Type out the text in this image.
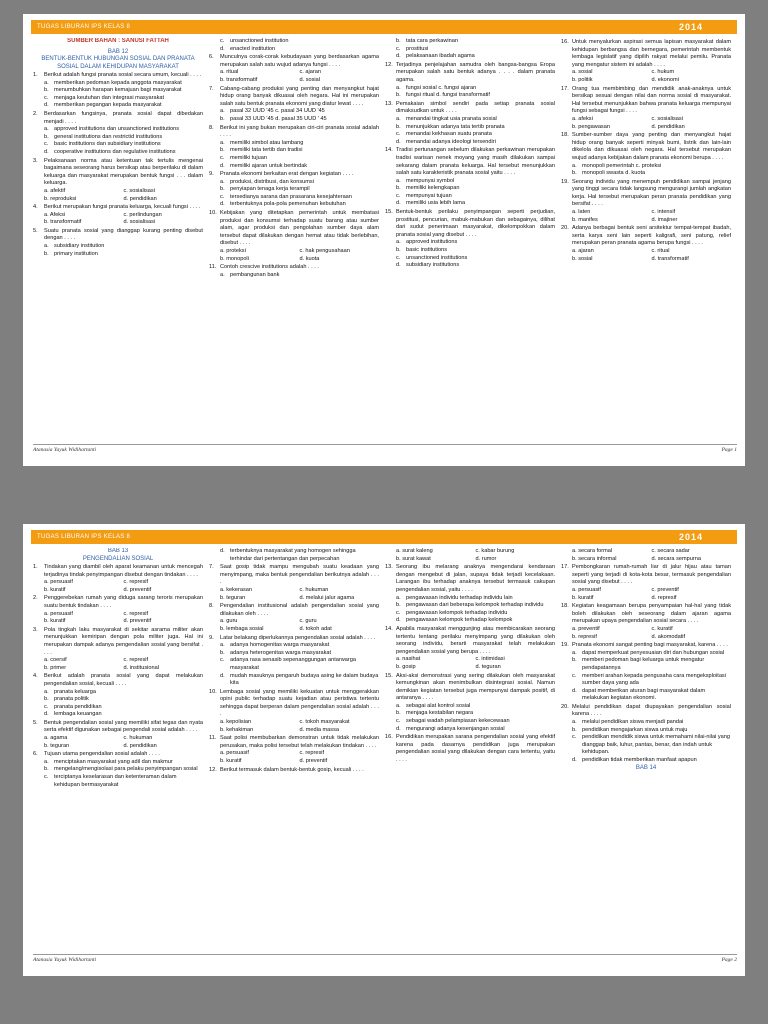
TUGAS LIBURAN IPS KELAS 8	2014
SUMBER BAHAN : SANUSI FATTAH
BAB 12
BENTUK-BENTUK HUBUNGAN SOSIAL DAN PRANATA SOSIAL DALAM KEHIDUPAN MASYARAKAT
1.	Berikut adalah fungsi pranata sosial secara umum, kecuali . . . .
a. memberikan pedoman kepada anggota masyarakat
b. menumbuhkan harapan kemajuan bagi masyarakat
c.	menjaga keutuhan dan integrasi masyarakat
d. memberikan pegangan kepada masyarakat
2.	Berdasarkan fungsinya, pranata sosial dapat dibedakan menjadi . . . .
a. approved institutions dan unsanctioned institutions
b. general institutions dan restrictid institutions
c.	basic institutions dan subsidiary institutions
d. cooperative institutions dan regulative institutions
3.	Pelaksanaan norma atau ketentuan tak tertulis mengenai bagaimana seseorang harus bersikap atau berperilaku di dalam keluarga dan masyarakat merupakan bentuk fungsi . . . dalam keluarga.
a. afektif	c. sosialisasi
b. reproduksi	d. pendidikan
4.	Berikut merupakan fungsi pranata keluarga, kecuali fungsi . . . .
a. Afeksi	c. perlindungan
b. transformatif	d. sosialisasi
5.	Suatu pranata sosial yang dianggap kurang penting disebut dengan . . . .
a. subsidiary institution
b. primary institution
c.	unsanctioned institution
d. enacted institution
6.	Munculnya corak-corak kebudayaan yang berdasarkan agama merupakan salah satu wujud adanya fungsi . . . .
a. ritual	c. ajaran
b. transformatif	d. sosial
7.	Cabang-cabang produksi yang penting dan menyangkut hajat hidup orang banyak dikuasai oleh negara. Hal ini merupakan salah satu bentuk pranata ekonomi yang diatur lewat . . . .
a. pasal 32 UUD '45 c. pasal 34 UUD '45
b. pasal 33 UUD '45 d. pasal 35 UUD ' 45
8.	Berikut ini yang bukan merupakan ciri-ciri pranata sosial adalah . . . .
a. memiliki simbol atau lambang
b. memiliki tata tertib dan tradisi
c.	memiliki tujuan
d. memiliki ajaran untuk bertindak
9.	Pranata ekonomi berkaitan erat dengan kegiatan . . . .
a. produksi, distribusi, dan konsumsi
b. penyiapan tenaga kerja terampil
c.	tersedianya sarana dan prasarana kesejahteraan
d. terbentuknya pola-pola pemenuhan kebutuhan
10. Kebijakan yang ditetapkan pemerintah untuk membatasi produksi dan konsumsi terhadap suatu barang atau sumber alam, agar produksi dan pengolahan sumber daya alam tersebut dapat dilakukan dengan hemat atau tidak berlebihan, disebut . . . .
a. proteksi	c. hak pengusahaan
b. monopoli	d. kuota
11. Contoh crescive institutions adalah . . . .
a. pembangunan bank
b. tata cara perkawinan
c.	prostitusi
d. pelaksanaan ibadah agama
12. Terjadinya penjelajahan samudra oleh bangsa-bangsa Eropa merupakan salah satu bentuk adanya . . . . dalam pranata agama.
a. fungsi sosial c. fungsi ajaran
b. fungsi ritual d. fungsi transformatif
13. Pemakaian simbol sendiri pada setiap pranata sosial dimaksudkan untuk . . . .
a. menandai tingkat usia pranata sosial
b. menunjukkan adanya tata tertib pranata
c.	menandai kekhasan suatu pranata
d. menandai adanya ideologi tersendiri
14. Tradisi pertunangan sebelum dilakukan perkawinan merupakan tradisi warisan nenek moyang yang masih dilakukan sampai sekarang dalam pranata keluarga. Hal tersebut menunjukkan salah satu karakteristik pranata sosial yaitu . . . .
a. mempunyai symbol
b. memiliki kelengkapan
c.	mempunyai tujuan
d. memiliki usia lebih lama
15. Bentuk-bentuk perilaku penyimpangan seperti perjudian, prostitusi, pencurian, mabuk-mabukan dan sebagainya, dilihat dari sudut penerimaan masyarakat, dikelompokkan dalam pranata sosial yang disebut . . . .
a. approved institutions
b. basic institutions
c.	unsanctioned institutions
d. subsidiary institutions
16. Untuk menyalurkan aspirasi semua lapisan masyarakat dalam kehidupan berbangsa dan bernegara, pemerintah membentuk lembaga legislatif yang dipilih rakyat melalui pemilu. Pranata yang mengatur sistem ini adalah . . . .
a. sosial	c. hukum
b. politik	d. ekonomi
17. Orang tua membimbing dan mendidik anak-anaknya untuk bersikap sesuai dengan nilai dan norma sosial di masyarakat. Hal tersebut menunjukkan bahwa pranata keluarga mempunyai fungsi sebagai fungsi . . . .
a. afeksi	c. sosialisasi
b. pengawasan	d. pendidikan
18. Sumber-sumber daya yang penting dan menyangkut hajat hidup orang banyak seperti minyak bumi, listrik dan lain-lain dikelola dan dikuasai oleh negara. Hal tersebut merupakan wujud adanya kebijakan dalam pranata ekonomi berupa . . . .
a. monopoli pemerintah c. proteksi
b. monopoli swasta d. kuota
19. Seorang individu yang menempuh pendidikan sampai jenjang yang tinggi secara tidak langsung mengurangi jumlah angkatan kerja. Hal tersebut merupakan peran pranata pendidikan yang bersifat . . . .
a. laten	c. intensif
b. manifes	d. imajiner
20. Adanya berbagai bentuk seni arsitektur tempat-tempat ibadah, serta karya seni lain seperti kaligrafi, seni patung, relief merupakan peran pranata agama berupa fungsi . . . .
a. ajaran	c. ritual
b. sosial	d. transformatif
Atanasia Yayuk Widihartanti	Page 1
TUGAS LIBURAN IPS KELAS 8	2014
BAB 13
PENGENDALIAN SOSIAL
1.	Tindakan yang diambil oleh aparat keamanan untuk mencegah terjadinya tindak penyimpangan disebut dengan tindakan . . . .
a. persuasif	c. represif
b. kuratif	d. preventif
2.	Penggerebekan rumah yang diduga sarang teroris merupakan suatu bentuk tindakan . . . .
a. persuasif	c. represif
b. kuratif	d. preventif
3.	Pola tingkah laku masyarakat di sekitar asrama militer akan menunjukkan kemiripan dengan pola militer juga. Hal ini merupakan dampak adanya pengendalian sosial yang bersifat . . . .
a. coersif	c. represif
b. primer	d. institusional
4.	Berikut adalah pranata sosial yang dapat melakukan pengendalian sosial, kecuali . . . .
a. pranata keluarga
b. pranata politik
c.	pranata pendidikan
d. lembaga keuangan
5.	Bentuk pengendalian sosial yang memiliki sifat tegas dan nyata serta efektif digunakan sebagai pengendali sosial adalah . . . .
a. agama	c. hukuman
b. teguran	d. pendidikan
6.	Tujuan utama pengendalian sosial adalah . . . .
a. menciptakan masyarakat yang adil dan makmur
b. mengelang/mengisolasi para pelaku penyimpangan sosial
c.	terciptanya keselarasan dan ketenteraman dalam kehidupan bermasyarakat
d. terbentuknya masyarakat yang homogen sehingga terhindar dari pertentangan dan perpecahan
7.	Saat gosip tidak mampu mengubah suatu keadaan yang menyimpang, maka bentuk pengendalian berikutnya adalah . . . .
a. kekerasan	c. hukuman
b. teguran	d. melalui jalur agama
8.	Pengendalian institusional adalah pengendalian sosial yang dilakukan oleh . . . .
a. guru	c. guru
b. lembaga sosial	d. tokoh adat
9.	Latar belakang diperlukannya pengendalian sosial adalah . . . .
a. adanya homogenitas warga masyarakat
b. adanya heterogenitas warga masyarakat
c.	adanya rasa senasib sepenanggungan antarwarga masyarakat
d. mudah masuknya pengaruh budaya asing ke dalam budaya kita
10. Lembaga sosial yang memiliki kekuatan untuk menggerakkan opini public terhadap suatu kejadian atau peristiwa tertentu sehingga dapat berperan dalam pengendalian sosial adalah . . . .
a. kepolisian	c. tokoh masyarakat
b. kehakiman	d. media massa
11. Saat polisi membubarkan demonstran untuk tidak melakukan perusakan, maka polisi tersebut telah melakukan tindakan . . . .
a. persuasif	c. represif
b. kuratif	d. preventif
12. Berikut termasuk dalam bentuk-bentuk gosip, kecuali . . . .
a. surat kaleng	c. kabar burung
b. surat kawat	d. rumor
13. Seorang ibu melarang anaknya mengendarai kendaraan dengan mengebut di jalan, supaya tidak terjadi kecelakaan. Larangan ibu terhadap anaknya tersebut termasuk cakupan pengendalian sosial, yaitu . . . .
a. pengawasan individu terhadap individu lain
b. pengawasan dari beberapa kelompok terhadap individu
c.	pengawasan kelompok terhadap individu
d. pengawasan kelompok terhadap kelompok
14. Apabila masyarakat menggunjing atau membicarakan seorang tertentu tentang perilaku menyimpang yang dilakukan oleh seorang individu, berarti masyarakat telah melakukan pengendalian sosial yang berupa . . . .
a. nasihat	c. intimidasi
b. gosip	d. teguran
15. Aksi-aksi demonstrasi yang sering dilakukan oleh masyarakat kemungkinan akan menimbulkan disintegrasi sosial. Namun demikian kegiatan tersebut juga mempunyai dampak positif, di antaranya . . . .
a. sebagai alat kontrol sosial
b. menjaga kestabilan negara
c.	sebagai wadah pelampiasan kekecewaan
d. mengurangi adanya kesenjangan sosial
16. Pendidikan merupakan sarana pengendalian sosial yang efektif karena pada dasarnya pendidikan juga merupakan pengendalian sosial yang dilakukan dengan cara tertentu, yaitu . . . .
a. secara formal	c. secara sadar
b. secara informal	d. secara sempurna
17. Pembongkaran rumah-rumah liar di jalur hijau atau taman seperti yang terjadi di kota-kota besar, termasuk pengendalian sosial yang disebut . . . .
a. persuasif	c. preventif
b. kuratif	d. represif
18. Kegiatan keagamaan berupa penyampaian hal-hal yang tidak boleh dilakukan oleh seseorang dalam ajaran agama merupakan upaya pengendalian sosial secara . . . .
a. preventif	c. kuratif
b. represif	d. akomodatif
19. Pranata ekonomi sangat penting bagi masyarakat, karena . . . .
a. dapat memperkuat penyesuaian diri dan hubungan sosial
b. memberi pedoman bagi keluarga untuk mengatur pendapatannya
c.	memberi arahan kepada pengusaha cara mengeksploitasi sumber daya yang ada
d. dapat memberikan aturan bagi masyarakat dalam melakukan kegiatan ekonomi.
20. Melalui pendidikan dapat diupayakan pengendalian sosial karena . . . .
a. melalui pendidikan siswa menjadi pandai
b. pendidikan mengajarkan siswa untuk maju
c.	pendidikan mendidik siswa untuk memahami nilai-nilai yang dianggap baik, luhur, pantas, benar, dan indah untuk kehidupan.
d. pendidikan tidak memberikan manfaat apapun
BAB 14
Atanasia Yayuk Widihartanti	Page 2
